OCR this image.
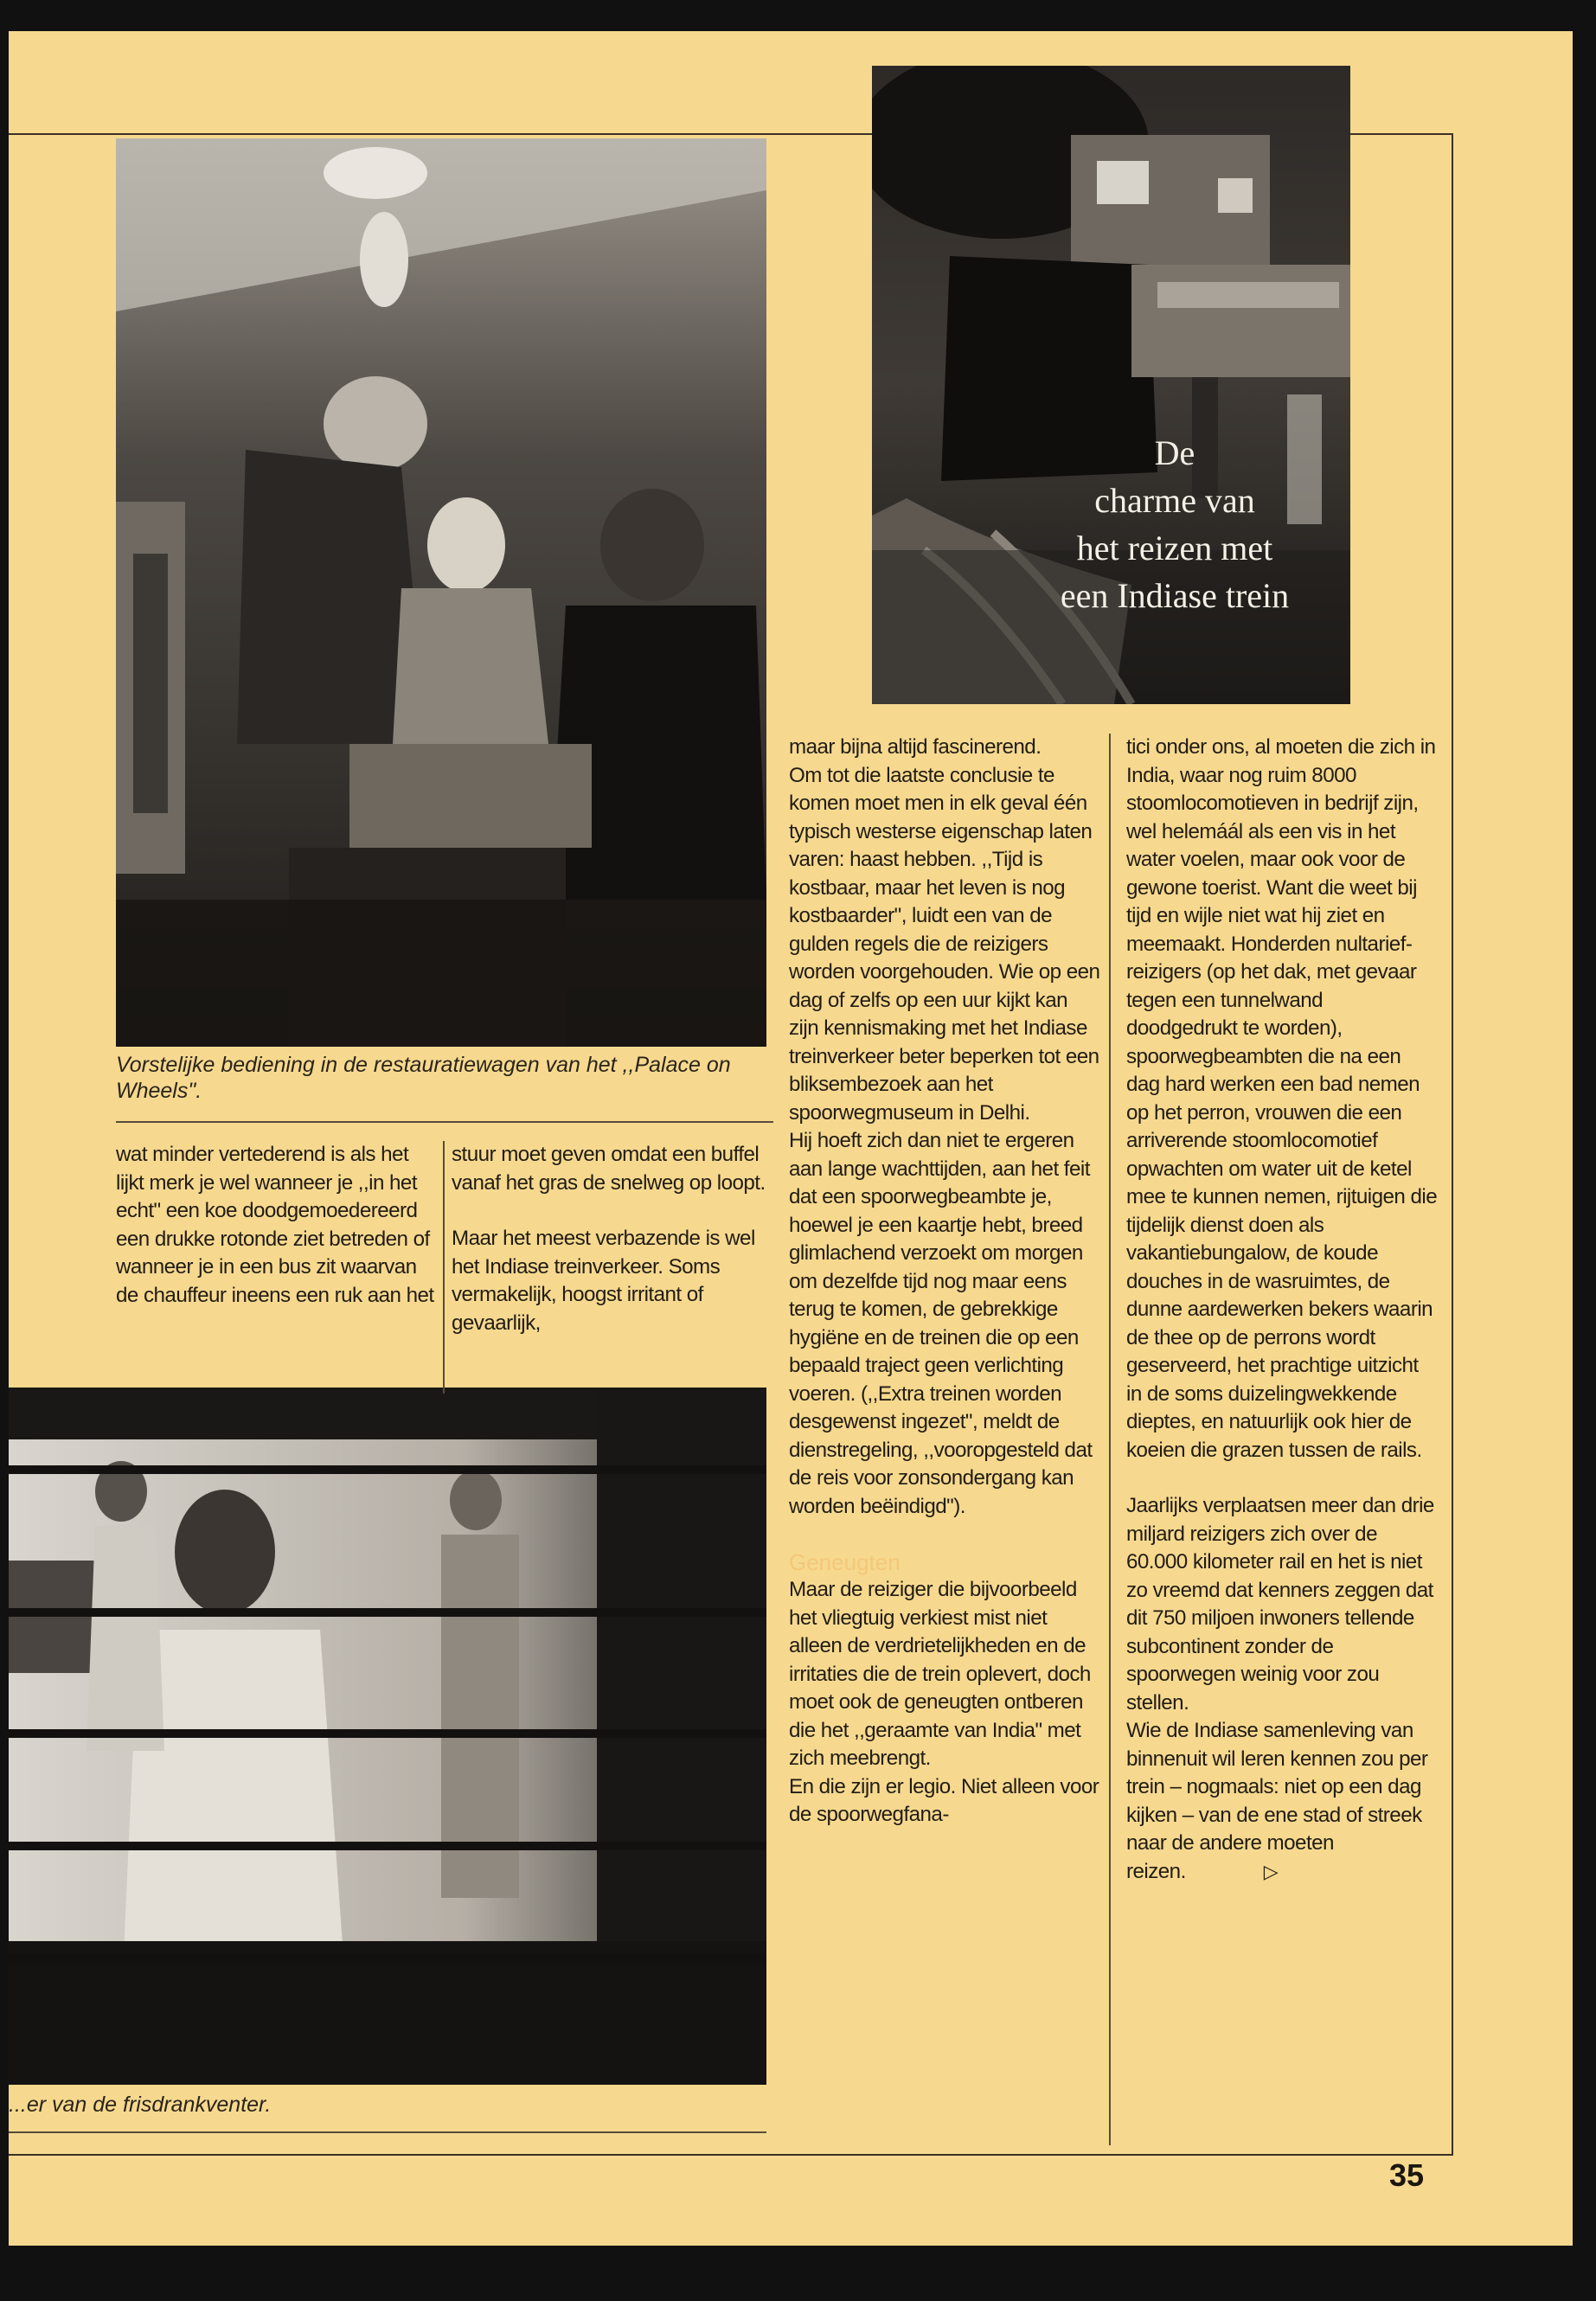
Vorstelijke bediening in de restauratiewagen van het ,,Palace on Wheels".

De
charme van
het reizen met
een Indiase trein

...er van de frisdrankventer.

wat minder vertederend is als het lijkt merk je wel wanneer je ,,in het echt" een koe doodgemoedereerd een drukke rotonde ziet betreden of wanneer je in een bus zit waarvan de chauffeur ineens een ruk aan het

stuur moet geven omdat een buffel vanaf het gras de snelweg op loopt.

Maar het meest verbazende is wel het Indiase treinverkeer. Soms vermakelijk, hoogst irritant of gevaarlijk,

maar bijna altijd fascinerend.

Om tot die laatste conclusie te komen moet men in elk geval één typisch westerse eigenschap laten varen: haast hebben. ,,Tijd is kostbaar, maar het leven is nog kostbaarder", luidt een van de gulden regels die de reizigers worden voorgehouden. Wie op een dag of zelfs op een uur kijkt kan zijn kennismaking met het Indiase treinverkeer beter beperken tot een bliksembezoek aan het spoorwegmuseum in Delhi.

Hij hoeft zich dan niet te ergeren aan lange wachttijden, aan het feit dat een spoorwegbeambte je, hoewel je een kaartje hebt, breed glimlachend verzoekt om morgen om dezelfde tijd nog maar eens terug te komen, de gebrekkige hygiëne en de treinen die op een bepaald traject geen verlichting voeren. (,,Extra treinen worden desgewenst ingezet", meldt de dienstregeling, ,,vooropgesteld dat de reis voor zonsondergang kan worden beëindigd").

Geneugten

Maar de reiziger die bijvoorbeeld het vliegtuig verkiest mist niet alleen de verdrietelijkheden en de irritaties die de trein oplevert, doch moet ook de geneugten ontberen die het ,,geraamte van India" met zich meebrengt.

En die zijn er legio. Niet alleen voor de spoorwegfana-

tici onder ons, al moeten die zich in India, waar nog ruim 8000 stoomlocomotieven in bedrijf zijn, wel helemáál als een vis in het water voelen, maar ook voor de gewone toerist. Want die weet bij tijd en wijle niet wat hij ziet en meemaakt. Honderden nultarief-reizigers (op het dak, met gevaar tegen een tunnelwand doodgedrukt te worden), spoorwegbeambten die na een dag hard werken een bad nemen op het perron, vrouwen die een arriverende stoomlocomotief opwachten om water uit de ketel mee te kunnen nemen, rijtuigen die tijdelijk dienst doen als vakantiebungalow, de koude douches in de wasruimtes, de dunne aardewerken bekers waarin de thee op de perrons wordt geserveerd, het prachtige uitzicht in de soms duizelingwekkende dieptes, en natuurlijk ook hier de koeien die grazen tussen de rails.

Jaarlijks verplaatsen meer dan drie miljard reizigers zich over de 60.000 kilometer rail en het is niet zo vreemd dat kenners zeggen dat dit 750 miljoen inwoners tellende subcontinent zonder de spoorwegen weinig voor zou stellen.

Wie de Indiase samenleving van binnenuit wil leren kennen zou per trein – nogmaals: niet op een dag kijken – van de ene stad of streek naar de andere moeten reizen.	▷

35
